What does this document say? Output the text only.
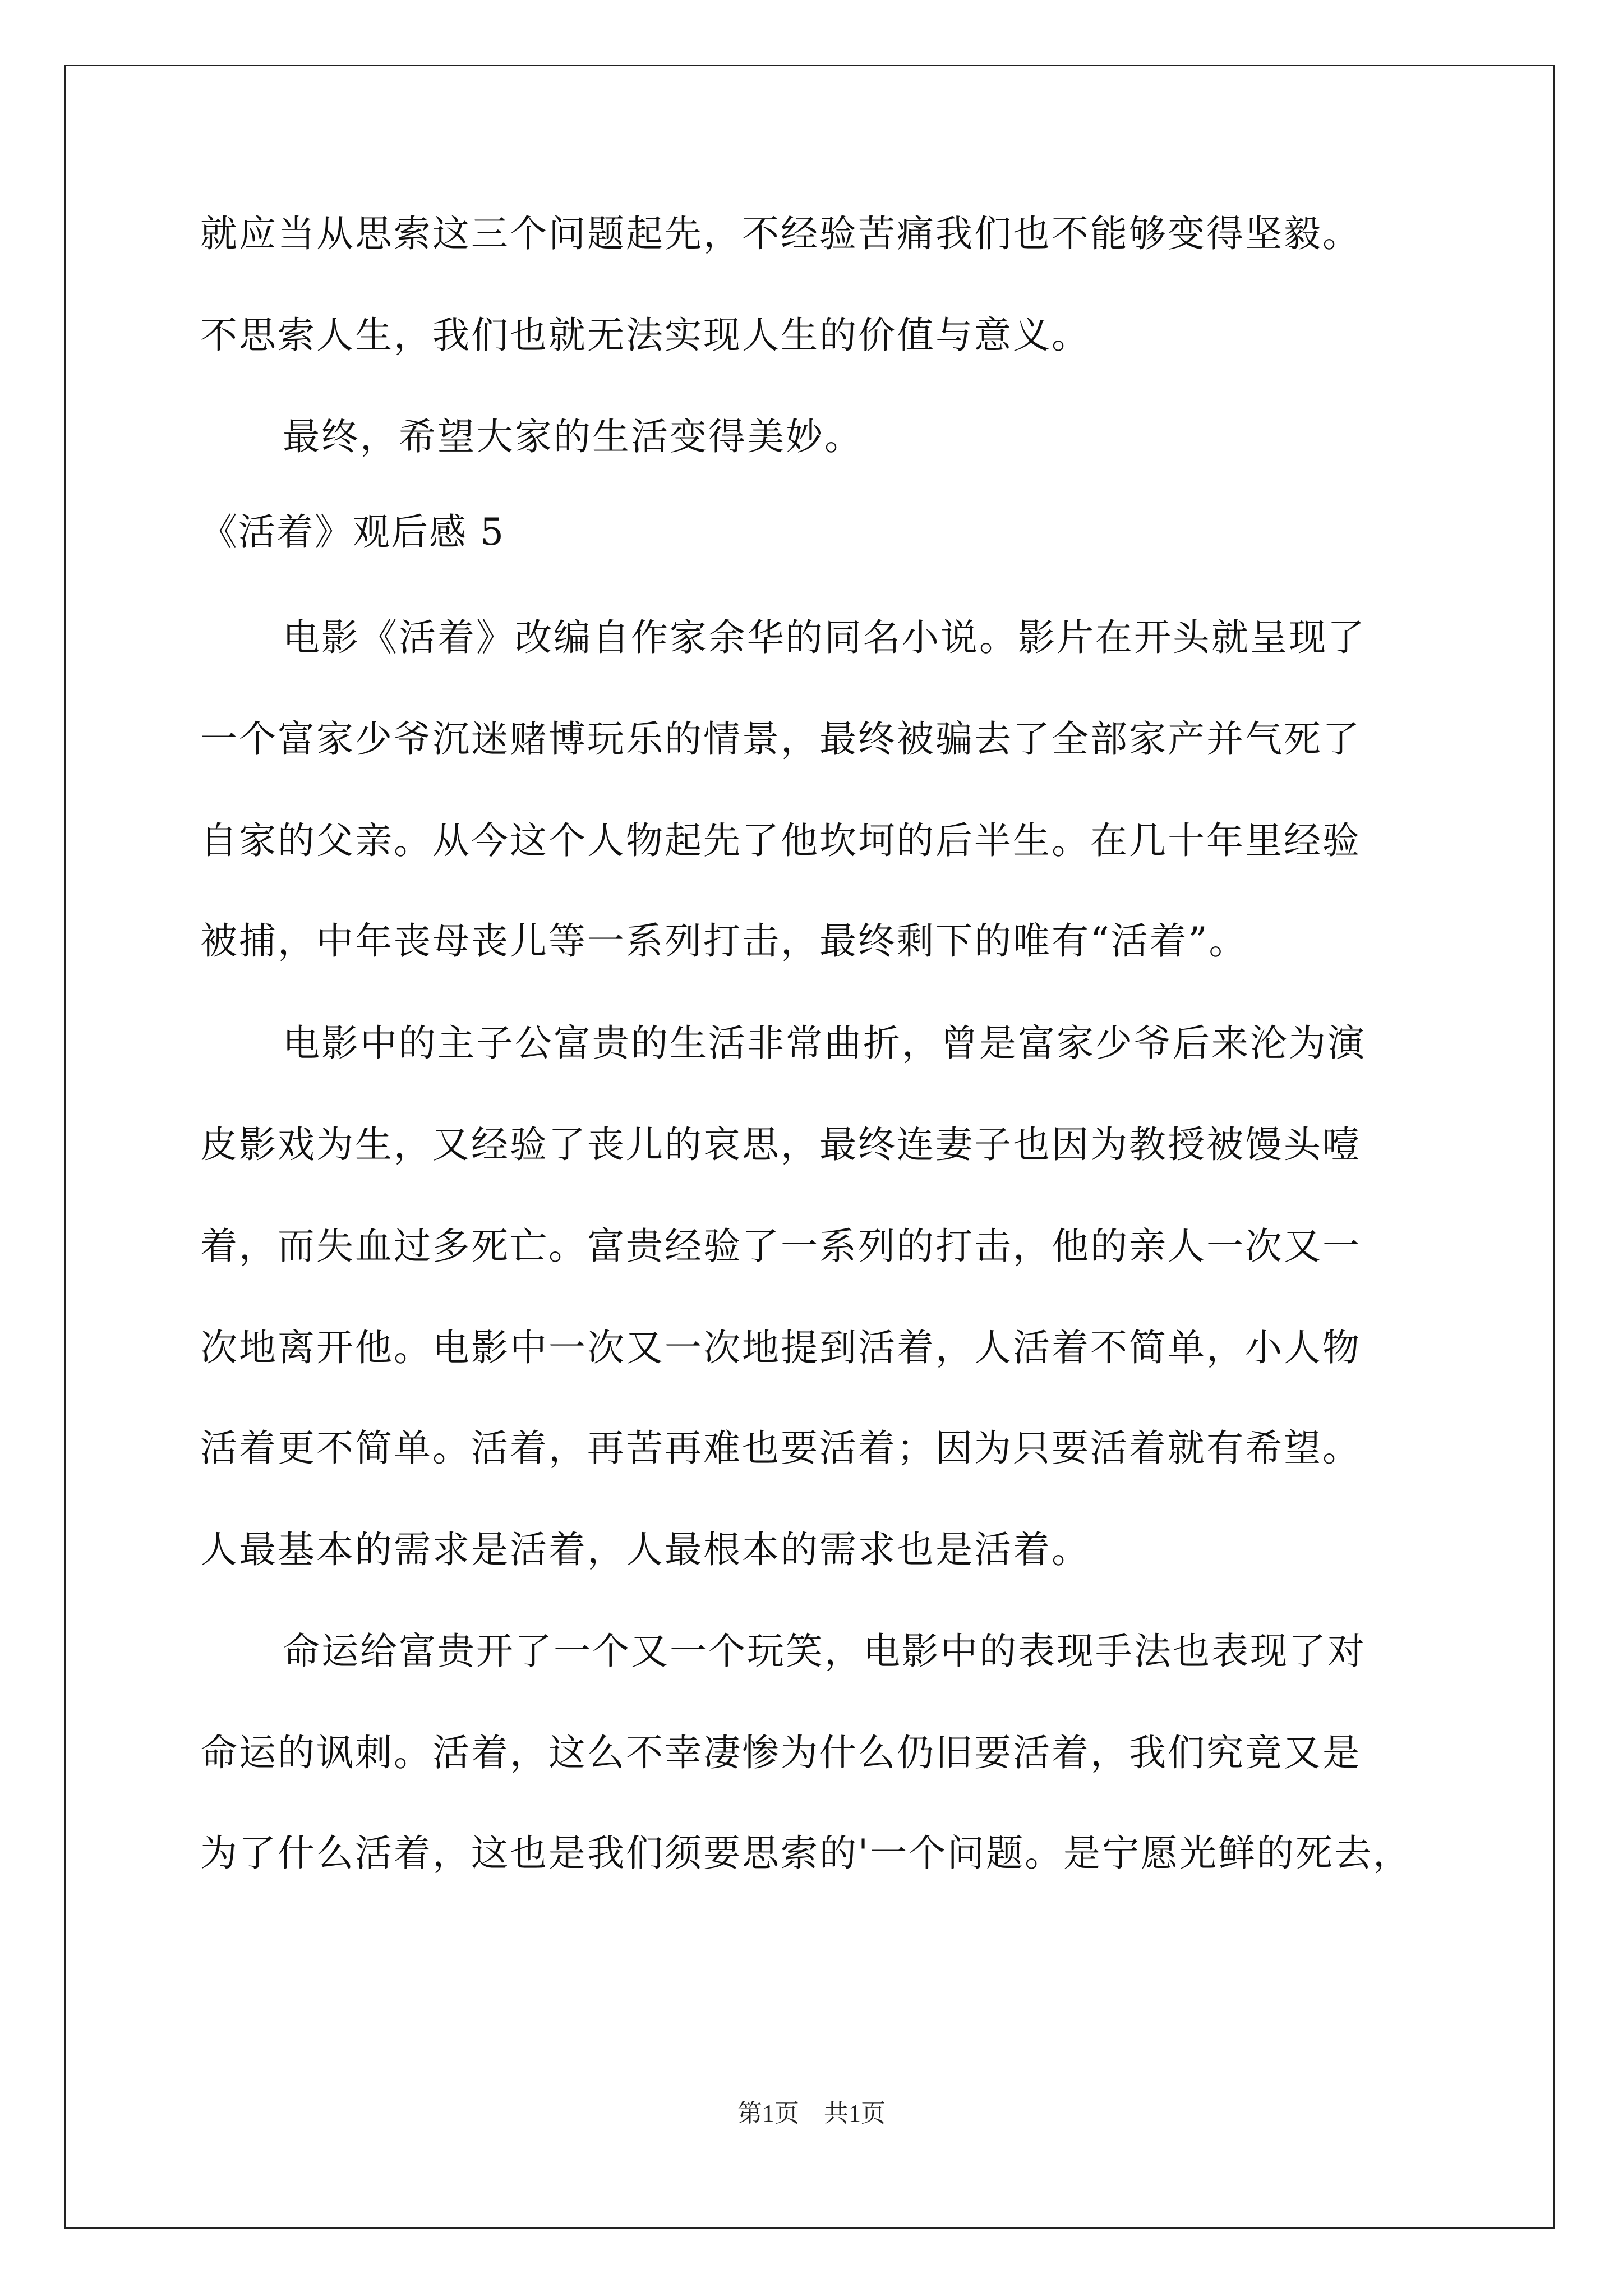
就应当从思索这三个问题起先，不经验苦痛我们也不能够变得坚毅。
不思索人生，我们也就无法实现人生的价值与意义。
最终，希望大家的生活变得美妙。
《活着》观后感 5
电影《活着》改编自作家余华的同名小说。影片在开头就呈现了
一个富家少爷沉迷赌博玩乐的情景，最终被骗去了全部家产并气死了
自家的父亲。从今这个人物起先了他坎坷的后半生。在几十年里经验
被捕，中年丧母丧儿等一系列打击，最终剩下的唯有“活着”。
电影中的主子公富贵的生活非常曲折，曾是富家少爷后来沦为演
皮影戏为生，又经验了丧儿的哀思，最终连妻子也因为教授被馒头噎
着，而失血过多死亡。富贵经验了一系列的打击，他的亲人一次又一
次地离开他。电影中一次又一次地提到活着，人活着不简单，小人物
活着更不简单。活着，再苦再难也要活着；因为只要活着就有希望。
人最基本的需求是活着，人最根本的需求也是活着。
命运给富贵开了一个又一个玩笑，电影中的表现手法也表现了对
命运的讽刺。活着，这么不幸凄惨为什么仍旧要活着，我们究竟又是
为了什么活着，这也是我们须要思索的'一个问题。是宁愿光鲜的死去，
第1页　共1页
